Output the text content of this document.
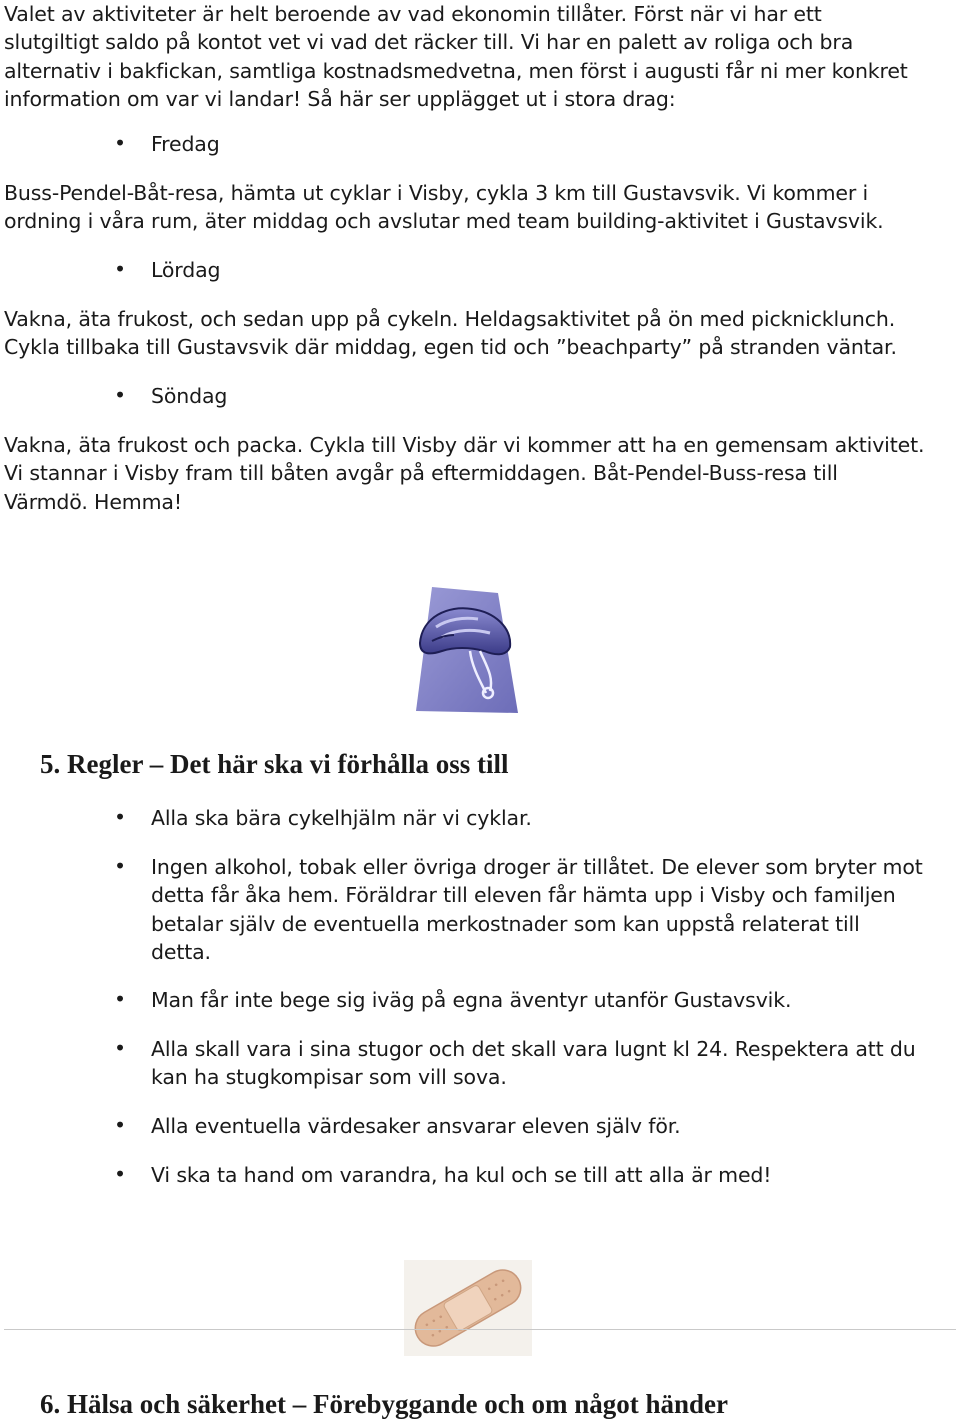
Valet av aktiviteter är helt beroende av vad ekonomin tillåter. Först när vi har ett
slutgiltigt saldo på kontot vet vi vad det räcker till. Vi har en palett av roliga och bra
alternativ i bakfickan, samtliga kostnadsmedvetna, men först i augusti får ni mer konkret
information om var vi landar! Så här ser upplägget ut i stora drag:
• Fredag
Buss-Pendel-Båt-resa, hämta ut cyklar i Visby, cykla 3 km till Gustavsvik. Vi kommer i
ordning i våra rum, äter middag och avslutar med team building-aktivitet i Gustavsvik.
• Lördag
Vakna, äta frukost, och sedan upp på cykeln. Heldagsaktivitet på ön med picknicklunch.
Cykla tillbaka till Gustavsvik där middag, egen tid och ”beachparty” på stranden väntar.
• Söndag
Vakna, äta frukost och packa. Cykla till Visby där vi kommer att ha en gemensam aktivitet.
Vi stannar i Visby fram till båten avgår på eftermiddagen. Båt-Pendel-Buss-resa till
Värmdö. Hemma!
5. Regler – Det här ska vi förhålla oss till
• Alla ska bära cykelhjälm när vi cyklar.
• Ingen alkohol, tobak eller övriga droger är tillåtet. De elever som bryter mot
detta får åka hem. Föräldrar till eleven får hämta upp i Visby och familjen
betalar själv de eventuella merkostnader som kan uppstå relaterat till
detta.
• Man får inte bege sig iväg på egna äventyr utanför Gustavsvik.
• Alla skall vara i sina stugor och det skall vara lugnt kl 24. Respektera att du
kan ha stugkompisar som vill sova.
• Alla eventuella värdesaker ansvarar eleven själv för.
• Vi ska ta hand om varandra, ha kul och se till att alla är med!
6. Hälsa och säkerhet – Förebyggande och om något händer
